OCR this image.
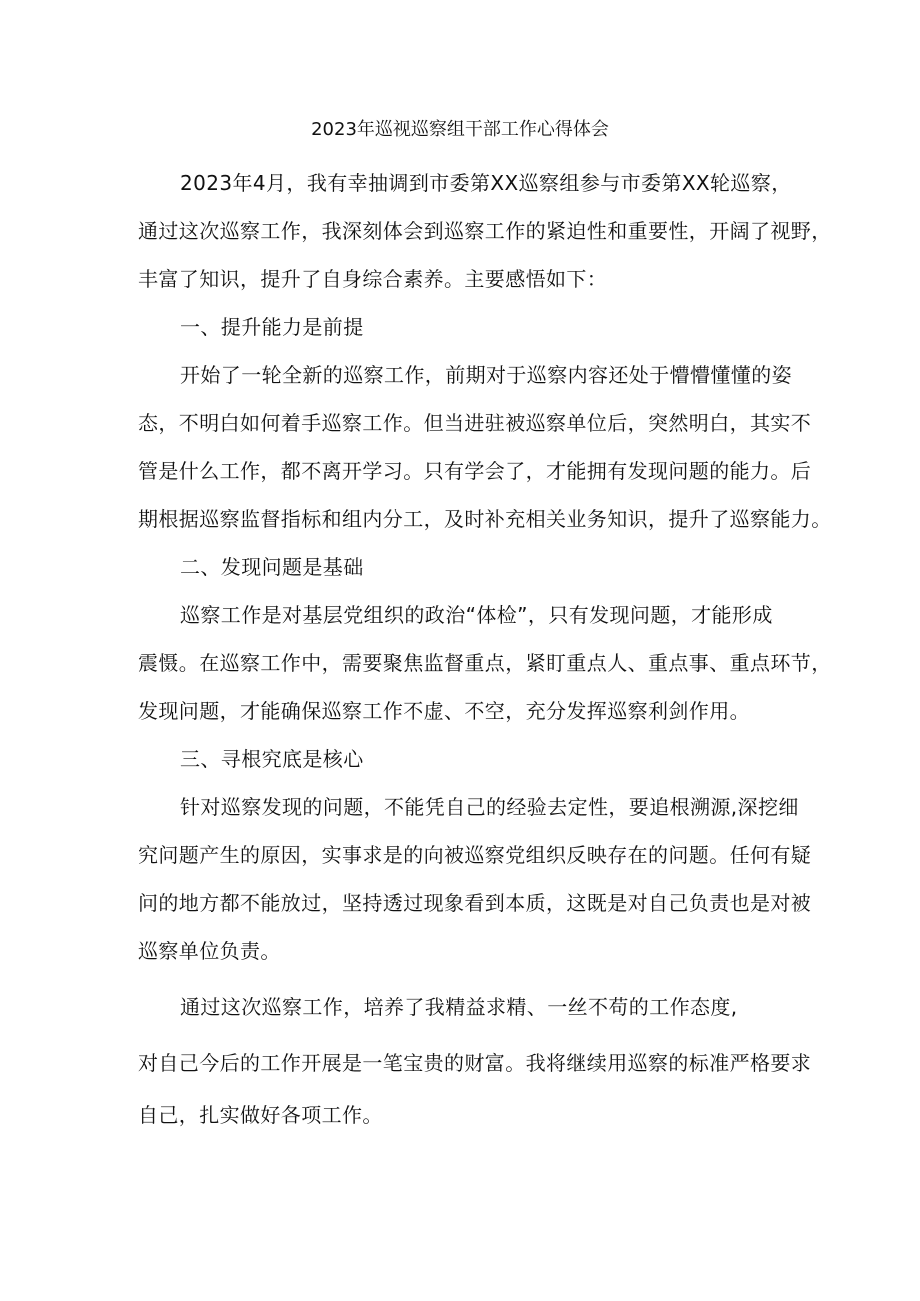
2023年巡视巡察组干部工作心得体会
2023年4月，我有幸抽调到市委第XX巡察组参与市委第XX轮巡察，
通过这次巡察工作，我深刻体会到巡察工作的紧迫性和重要性，开阔了视野，
丰富了知识，提升了自身综合素养。主要感悟如下：
一、提升能力是前提
开始了一轮全新的巡察工作，前期对于巡察内容还处于懵懵懂懂的姿
态，不明白如何着手巡察工作。但当进驻被巡察单位后，突然明白，其实不
管是什么工作，都不离开学习。只有学会了，才能拥有发现问题的能力。后
期根据巡察监督指标和组内分工，及时补充相关业务知识，提升了巡察能力。
二、发现问题是基础
巡察工作是对基层党组织的政治“体检”，只有发现问题，才能形成
震慑。在巡察工作中，需要聚焦监督重点，紧盯重点人、重点事、重点环节，
发现问题，才能确保巡察工作不虚、不空，充分发挥巡察利剑作用。
三、寻根究底是核心
针对巡察发现的问题，不能凭自己的经验去定性，要追根溯源,深挖细
究问题产生的原因，实事求是的向被巡察党组织反映存在的问题。任何有疑
问的地方都不能放过，坚持透过现象看到本质，这既是对自己负责也是对被
巡察单位负责。
通过这次巡察工作，培养了我精益求精、一丝不苟的工作态度,
对自己今后的工作开展是一笔宝贵的财富。我将继续用巡察的标准严格要求
自己，扎实做好各项工作。
